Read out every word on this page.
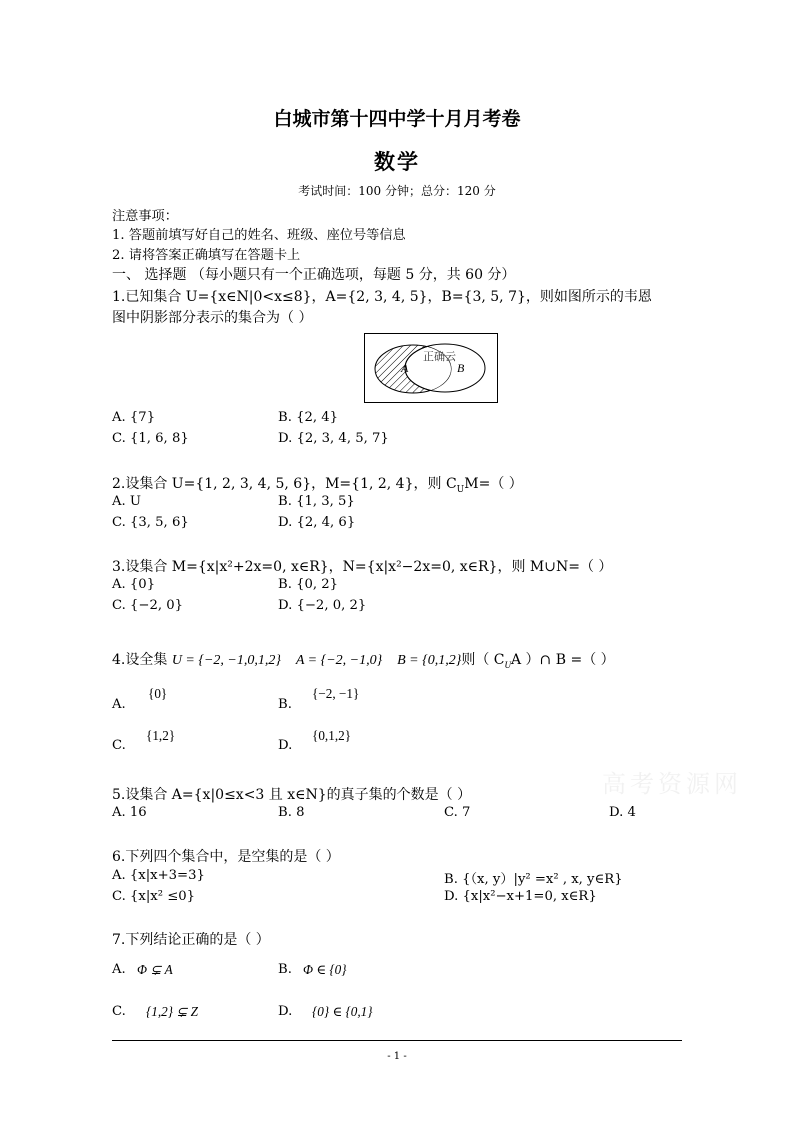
白城市第十四中学十月月考卷
数学
考试时间：100 分钟；总分：120 分
注意事项：
1. 答题前填写好自己的姓名、班级、座位号等信息
2. 请将答案正确填写在答题卡上
一、 选择题 （每小题只有一个正确选项，每题 5 分，共 60 分）
1.已知集合 U={x∈N|0<x≤8}，A={2, 3, 4, 5}，B={3, 5, 7}，则如图所示的韦恩
图中阴影部分表示的集合为（ ）
A	B
正确云
A. {7}	B. {2, 4}
C. {1, 6, 8}	D. {2, 3, 4, 5, 7}
2.设集合 U={1, 2, 3, 4, 5, 6}，M={1, 2, 4}，则 $C_UM=$（ ）
A. U	B. {1, 3, 5}
C. {3, 5, 6}	D. {2, 4, 6}
3.设集合 M={x|x²+2x=0, x∈R}，N={x|x²−2x=0, x∈R}，则 M∪N=（ ）
A. {0}	B. {0, 2}
C. {−2, 0}	D. {−2, 0, 2}
4.设全集 U = {−2, −1,0,1,2} A = {−2, −1,0} B = {0,1,2}则（ $C_UA$ ）∩ B =（ ）
A.
{0}
B.
{−2, −1}
C.
{1,2}
D.
{0,1,2}
高考资源网
5.设集合 A={x|0≤x<3 且 x∈N}的真子集的个数是（ ）
A. 16	B. 8	C. 7	D. 4
6.下列四个集合中，是空集的是（ ）
A. {x|x+3=3}	B. {（x, y）|y² =x² , x, y∈R}
C. {x|x² ≤0}	D. {x|x²−x+1=0, x∈R}
7.下列结论正确的是（ ）
A. Φ ⊊ A	B. Φ ∈ {0}
C. {1,2} ⊊ Z	D. {0} ∈ {0,1}
- 1 -
